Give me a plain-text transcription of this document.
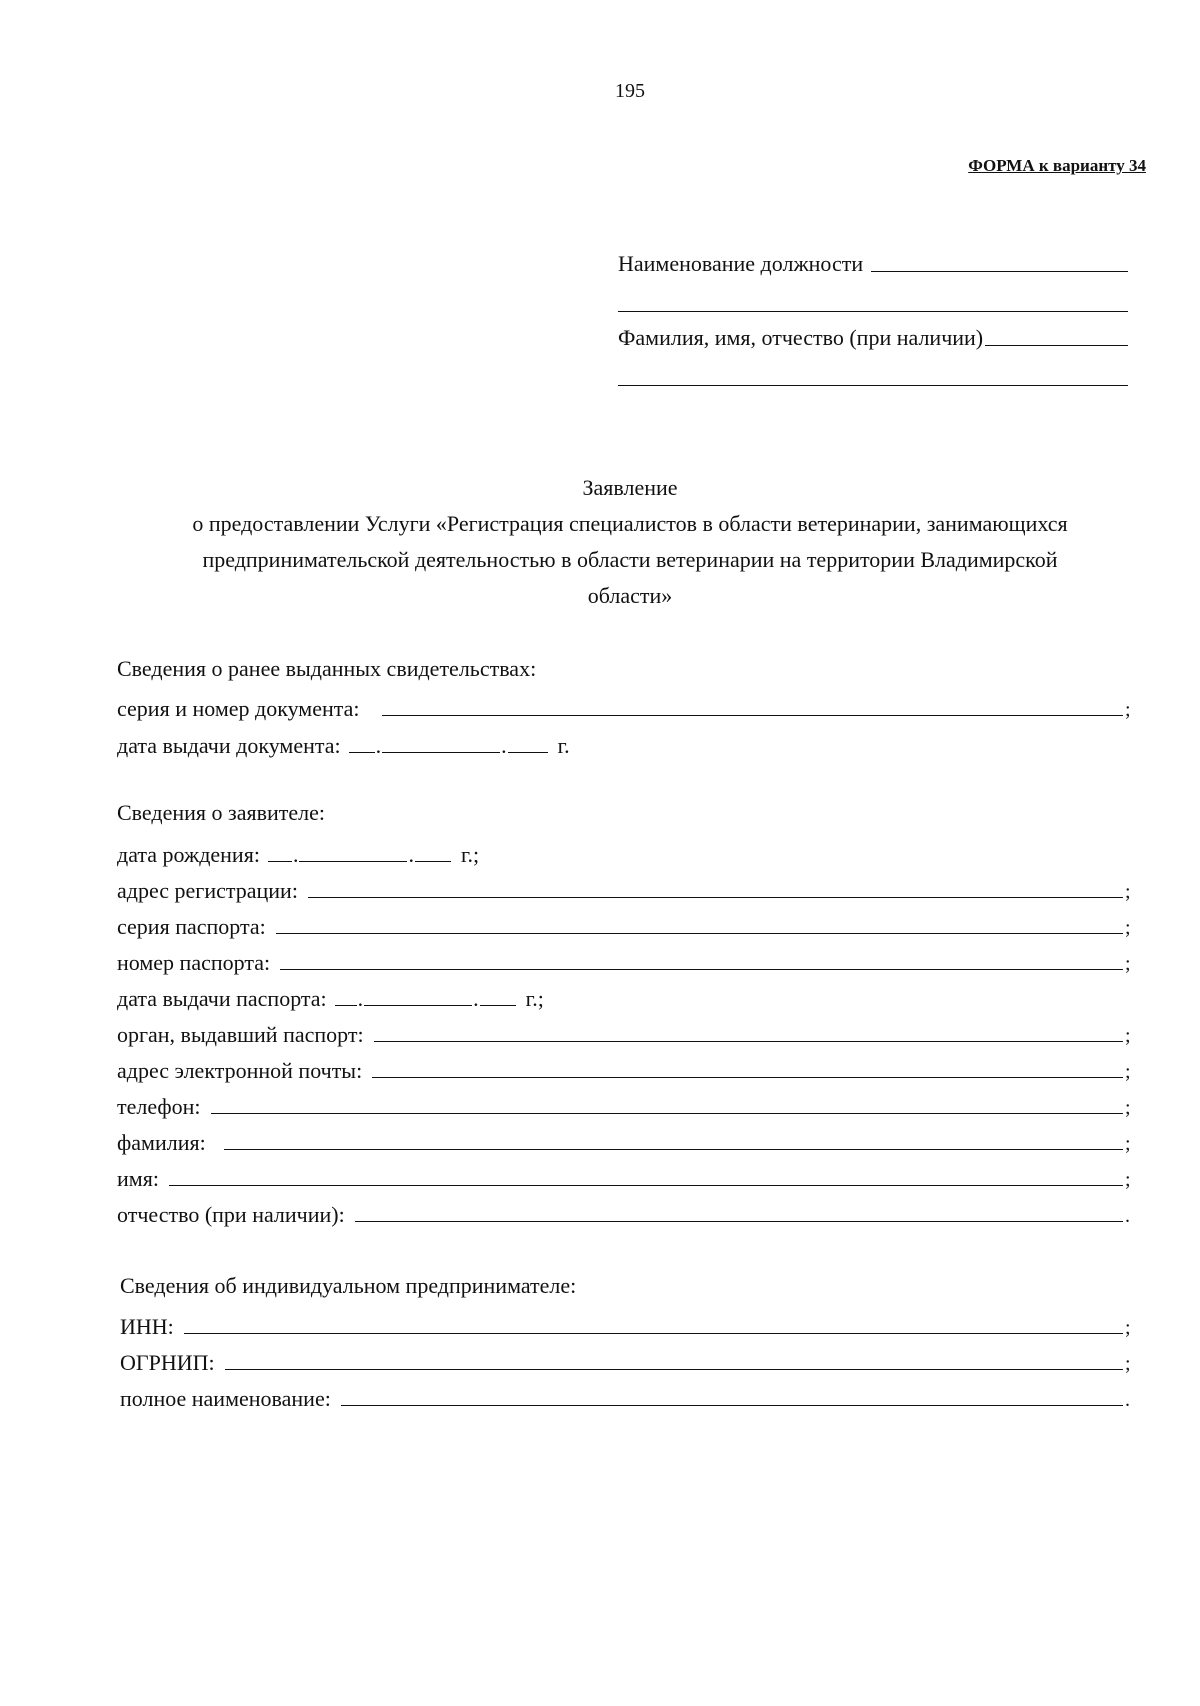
195
ФОРМА к варианту 34
Наименование должности
Фамилия, имя, отчество (при наличии)
Заявление
о предоставлении Услуги «Регистрация специалистов в области ветеринарии, занимающихся
предпринимательской деятельностью в области ветеринарии на территории Владимирской
области»
Сведения о ранее выданных свидетельствах:
серия и номер документа:	;
дата выдачи документа: .	. г.
Сведения о заявителе:
дата рождения: .	. г.;
адрес регистрации:	;
серия паспорта:	;
номер паспорта:	;
дата выдачи паспорта: .	. г.;
орган, выдавший паспорт:	;
адрес электронной почты:	;
телефон:	;
фамилия:	;
имя:	;
отчество (при наличии):	.
Сведения об индивидуальном предпринимателе:
ИНН:	;
ОГРНИП:	;
полное наименование:	.
